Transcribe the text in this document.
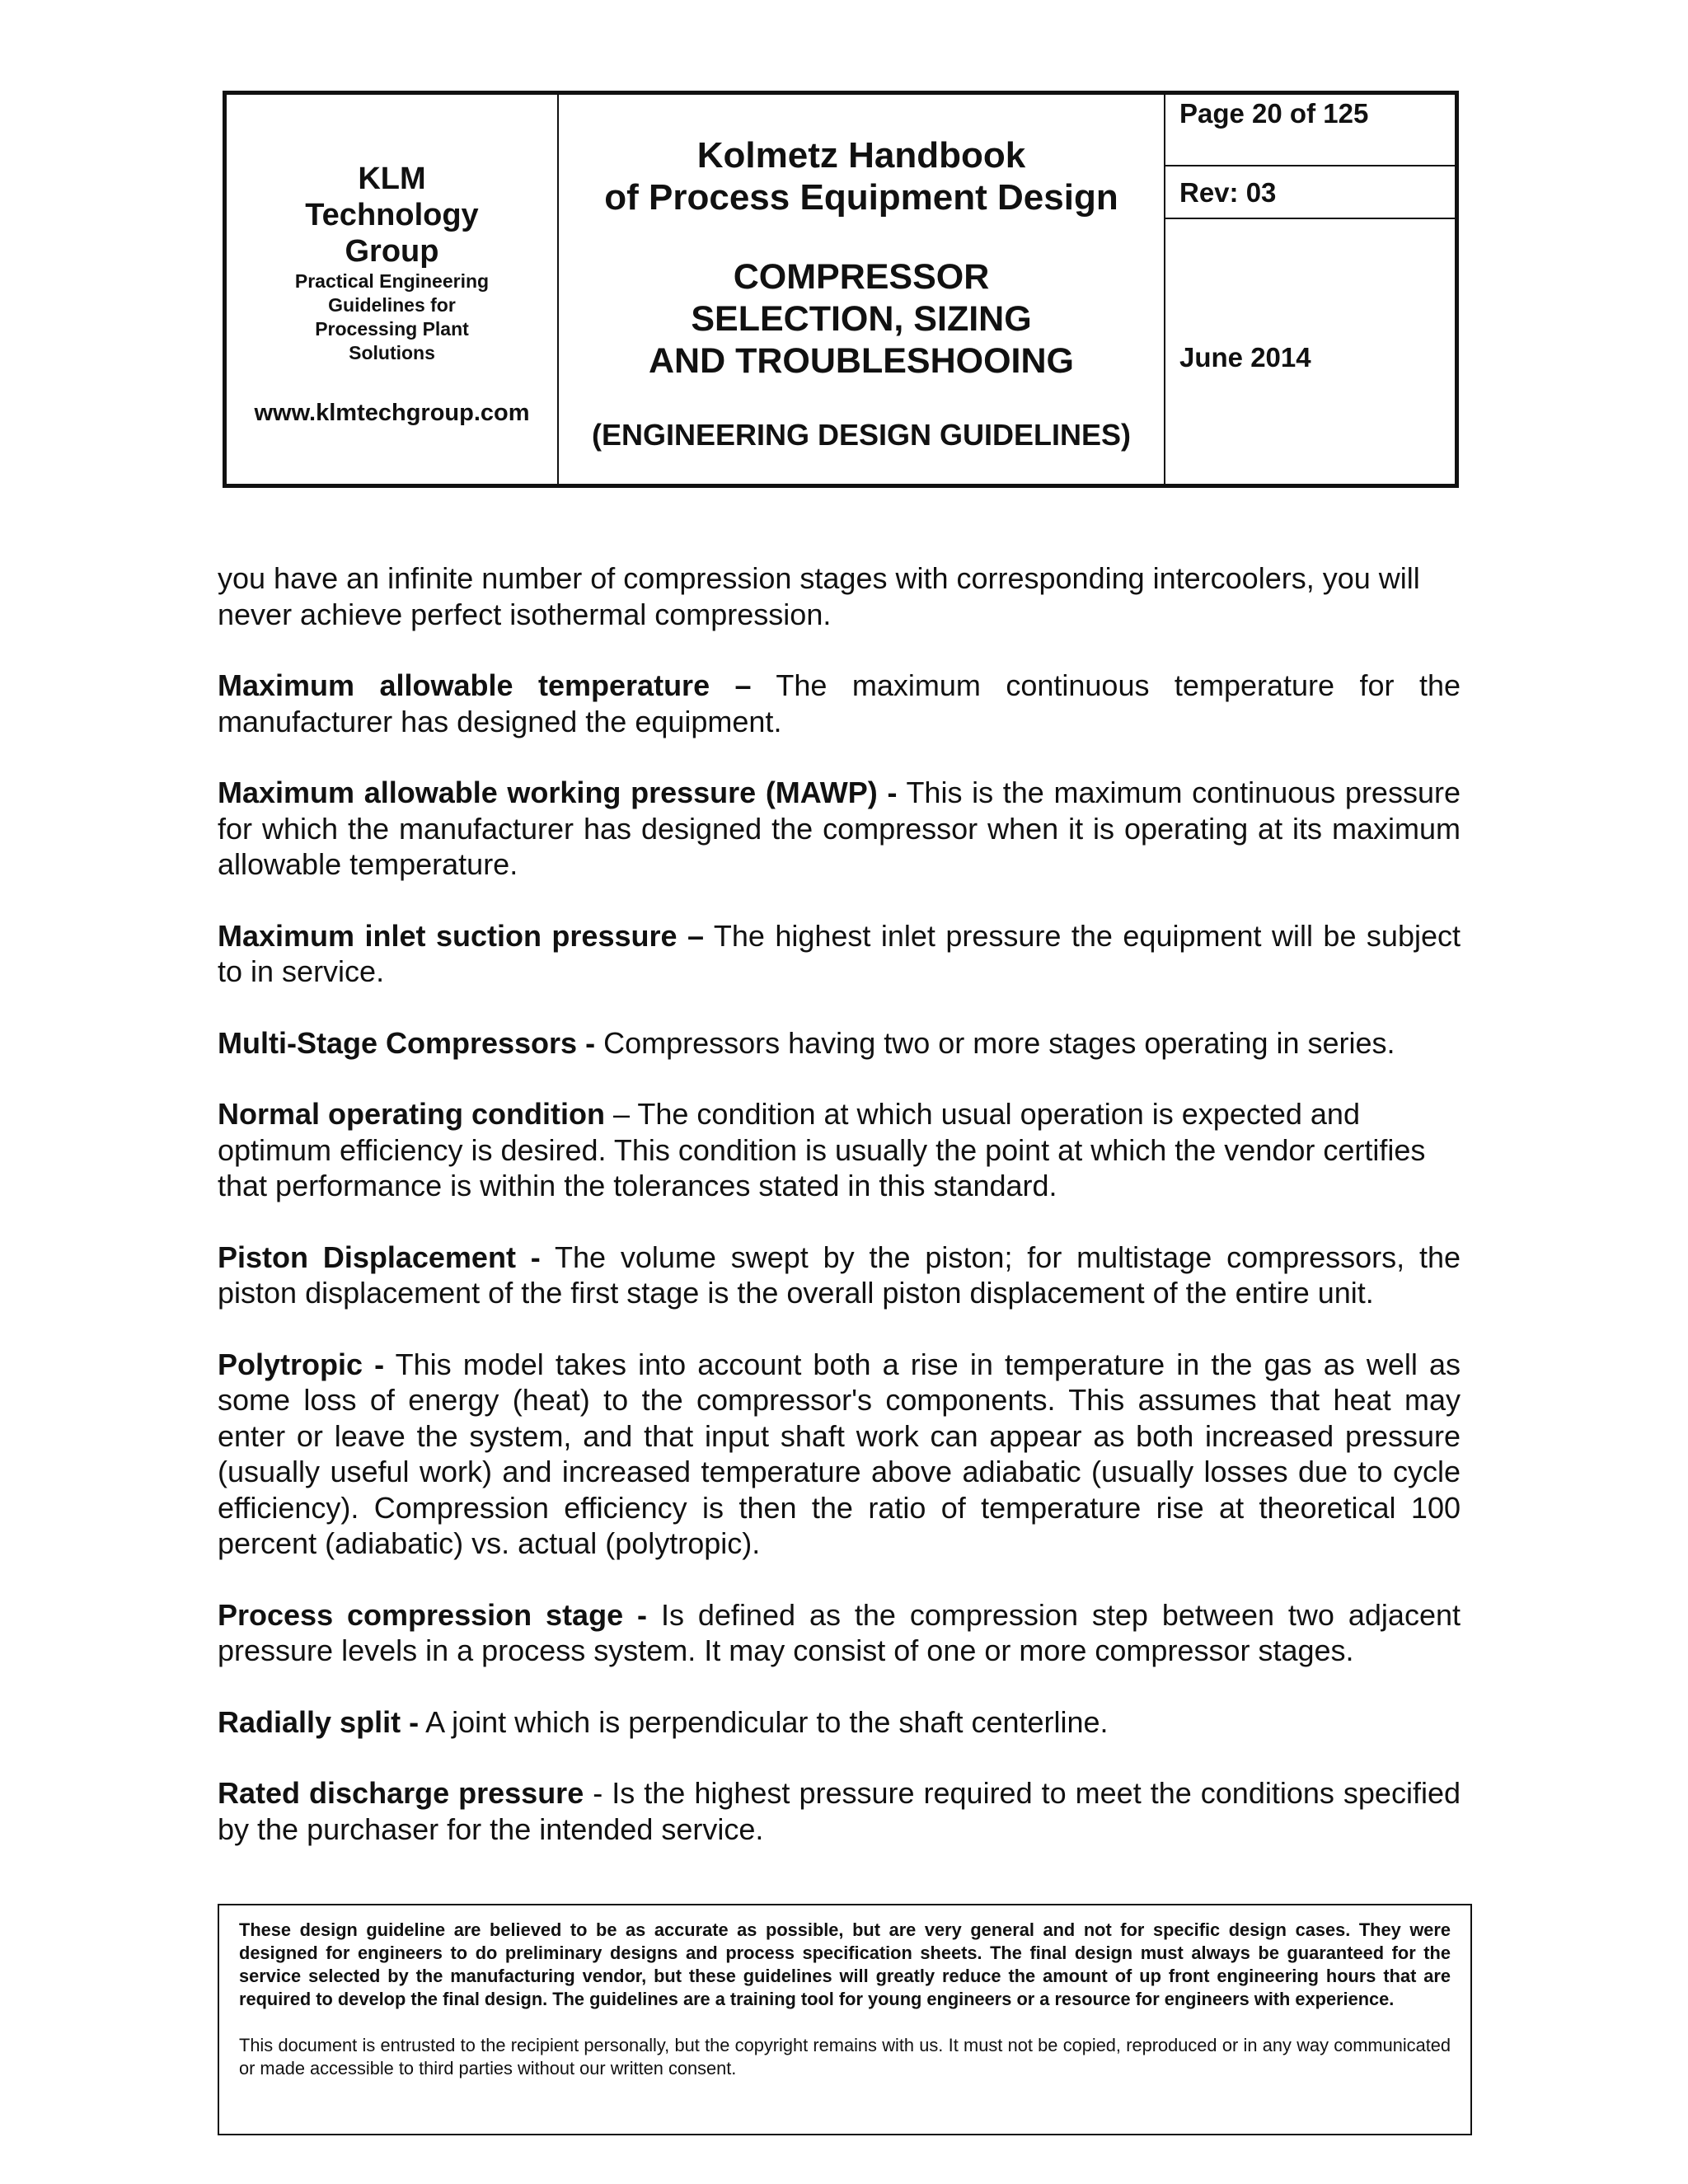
KLM Technology Group
Practical Engineering Guidelines for Processing Plant Solutions
www.klmtechgroup.com
Kolmetz Handbook
of Process Equipment Design
COMPRESSOR
SELECTION, SIZING
AND TROUBLESHOOING
(ENGINEERING DESIGN GUIDELINES)
Page 20 of 125
Rev: 03
June 2014

you have an infinite number of compression stages with corresponding intercoolers, you will never achieve perfect isothermal compression.

Maximum allowable temperature – The maximum continuous temperature for the manufacturer has designed the equipment.

Maximum allowable working pressure (MAWP) - This is the maximum continuous pressure for which the manufacturer has designed the compressor when it is operating at its maximum allowable temperature.

Maximum inlet suction pressure – The highest inlet pressure the equipment will be subject to in service.

Multi-Stage Compressors - Compressors having two or more stages operating in series.

Normal operating condition – The condition at which usual operation is expected and optimum efficiency is desired. This condition is usually the point at which the vendor certifies that performance is within the tolerances stated in this standard.

Piston Displacement - The volume swept by the piston; for multistage compressors, the piston displacement of the first stage is the overall piston displacement of the entire unit.

Polytropic - This model takes into account both a rise in temperature in the gas as well as some loss of energy (heat) to the compressor's components. This assumes that heat may enter or leave the system, and that input shaft work can appear as both increased pressure (usually useful work) and increased temperature above adiabatic (usually losses due to cycle efficiency). Compression efficiency is then the ratio of temperature rise at theoretical 100 percent (adiabatic) vs. actual (polytropic).

Process compression stage - Is defined as the compression step between two adjacent pressure levels in a process system. It may consist of one or more compressor stages.

Radially split - A joint which is perpendicular to the shaft centerline.

Rated discharge pressure - Is the highest pressure required to meet the conditions specified by the purchaser for the intended service.

These design guideline are believed to be as accurate as possible, but are very general and not for specific design cases. They were designed for engineers to do preliminary designs and process specification sheets. The final design must always be guaranteed for the service selected by the manufacturing vendor, but these guidelines will greatly reduce the amount of up front engineering hours that are required to develop the final design. The guidelines are a training tool for young engineers or a resource for engineers with experience.

This document is entrusted to the recipient personally, but the copyright remains with us. It must not be copied, reproduced or in any way communicated or made accessible to third parties without our written consent.
